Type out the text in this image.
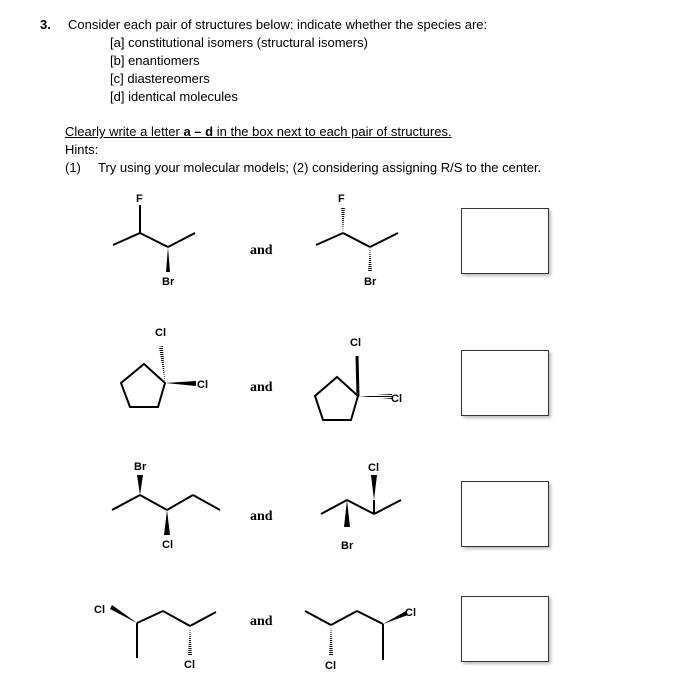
3. Consider each pair of structures below: indicate whether the species are:
[a] constitutional isomers (structural isomers)
[b] enantiomers
[c] diastereomers
[d] identical molecules
Clearly write a letter a – d in the box next to each pair of structures.
Hints:
(1) Try using your molecular models; (2) considering assigning R/S to the center.
and
and
and
and
F
Br
F
Br
Cl
Cl
Cl
Cl
Br
Cl
Cl
Br
Cl
Cl
Cl
Cl
